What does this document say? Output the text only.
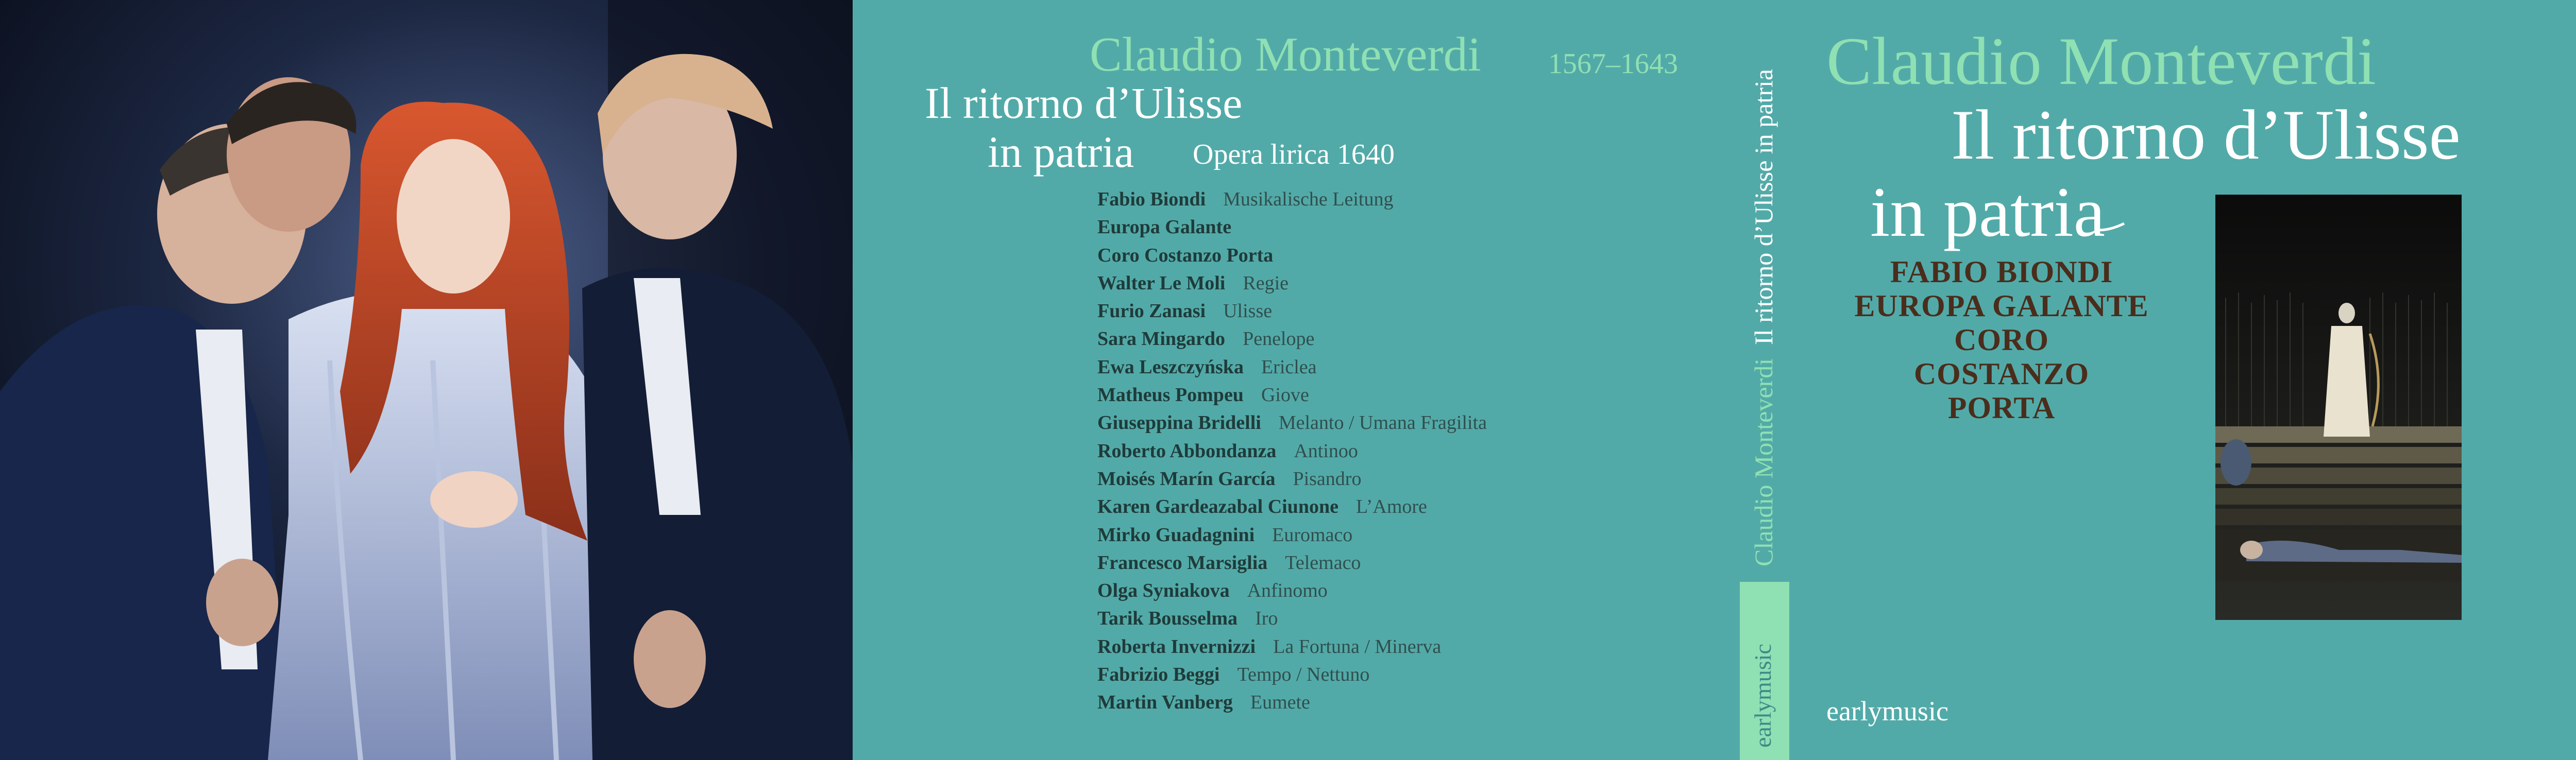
Claudio Monteverdi 1567–1643
Il ritorno d’Ulisse
in patria Opera lirica 1640
Fabio Biondi Musikalische Leitung
Europa Galante
Coro Costanzo Porta
Walter Le Moli Regie
Furio Zanasi Ulisse
Sara Mingardo Penelope
Ewa Leszczyńska Ericlea
Matheus Pompeu Giove
Giuseppina Bridelli Melanto / Umana Fragilita
Roberto Abbondanza Antinoo
Moisés Marín García Pisandro
Karen Gardeazabal Ciunone L’Amore
Mirko Guadagnini Euromaco
Francesco Marsiglia Telemaco
Olga Syniakova Anfinomo
Tarik Bousselma Iro
Roberta Invernizzi La Fortuna / Minerva
Fabrizio Beggi Tempo / Nettuno
Martin Vanberg Eumete
Claudio MonteverdiIl ritorno d’Ulisse in patria
earlymusic
Claudio Monteverdi
Il ritorno d’Ulisse
in patria
FABIO BIONDI
EUROPA GALANTE
CORO
COSTANZO
PORTA
earlymusic
